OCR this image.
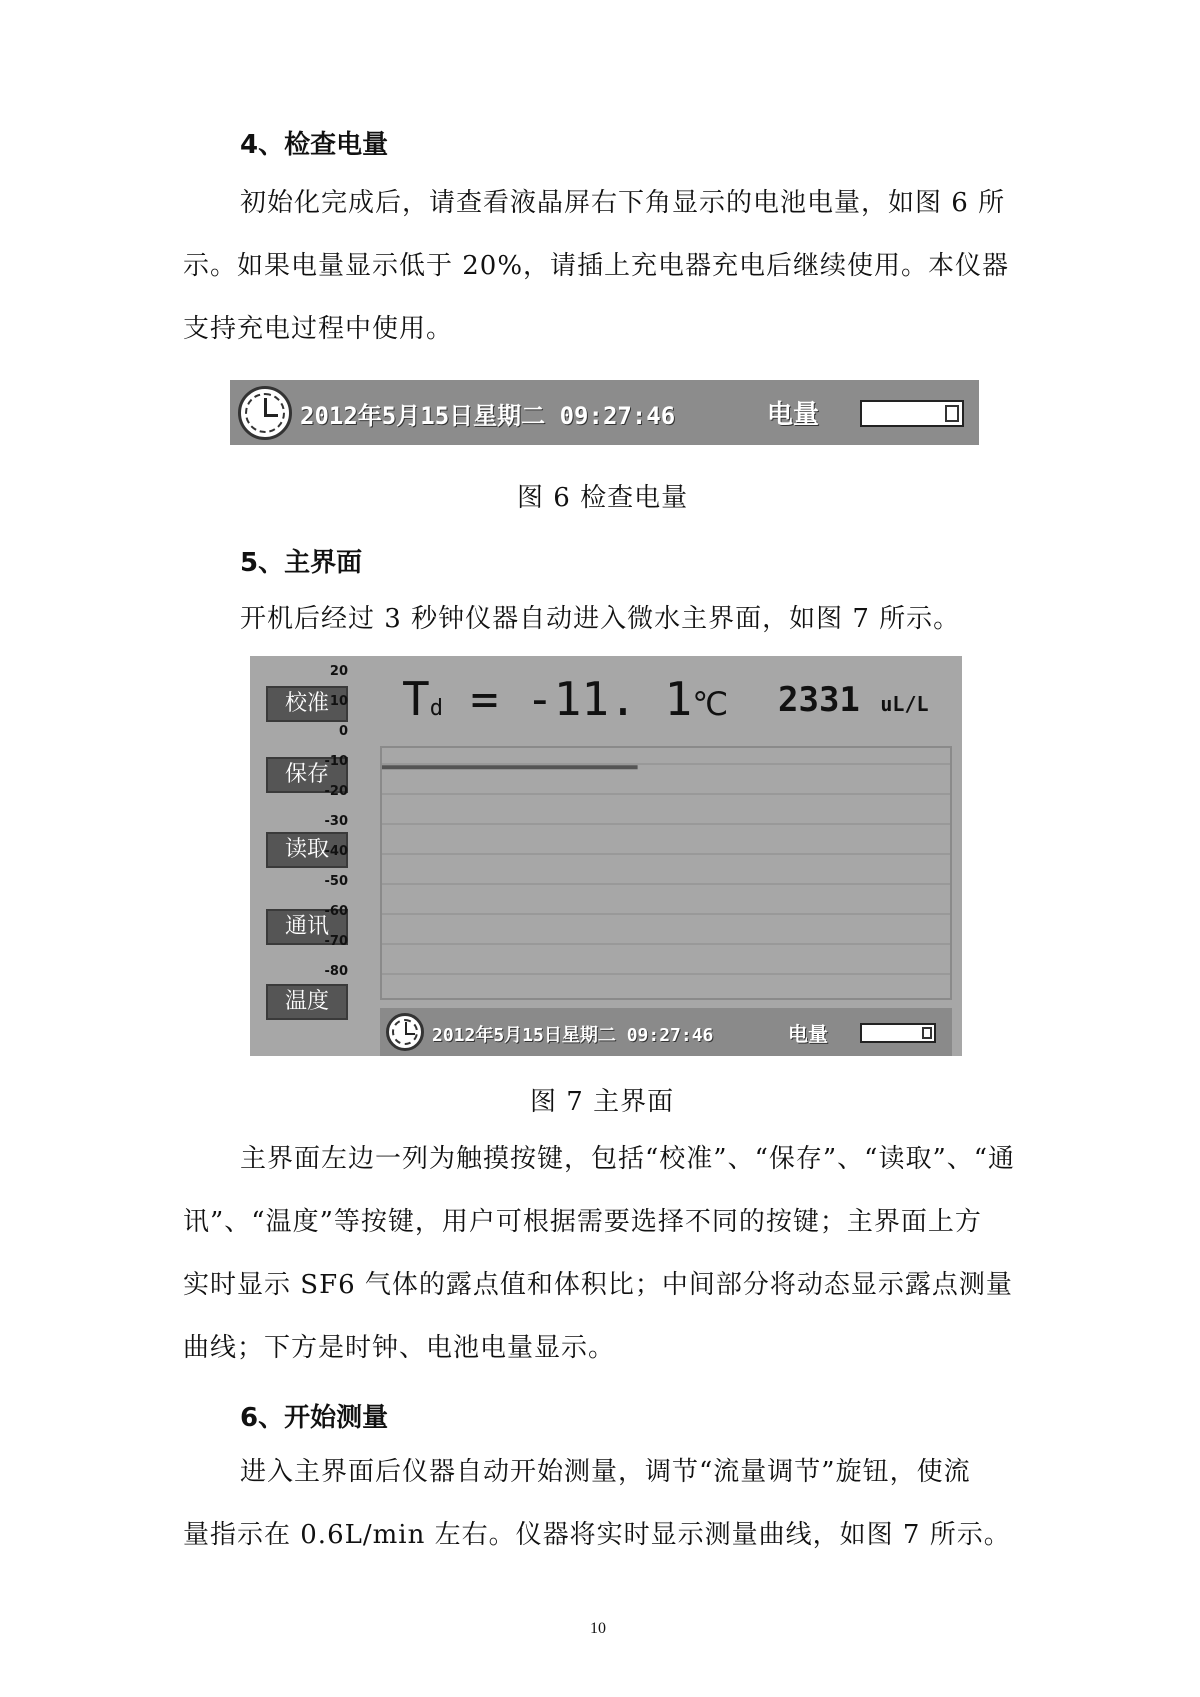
4、检查电量
初始化完成后，请查看液晶屏右下角显示的电池电量，如图 6 所
示。如果电量显示低于 20%，请插上充电器充电后继续使用。本仪器
支持充电过程中使用。
2012年5月15日星期二 09:27:46	电量
图 6 检查电量
5、主界面
开机后经过 3 秒钟仪器自动进入微水主界面，如图 7 所示。
校准
保存
读取
通讯
温度
20
10
0
-10
-20
-30
-40
-50
-60
-70
-80
Td = -11. 1℃ 2331 uL/L
2012年5月15日星期二 09:27:46	电量
图 7 主界面
主界面左边一列为触摸按键，包括“校准”、“保存”、“读取”、“通
讯”、“温度”等按键，用户可根据需要选择不同的按键；主界面上方
实时显示 SF6 气体的露点值和体积比；中间部分将动态显示露点测量
曲线；下方是时钟、电池电量显示。
6、开始测量
进入主界面后仪器自动开始测量，调节“流量调节”旋钮，使流
量指示在 0.6L/min 左右。仪器将实时显示测量曲线，如图 7 所示。
10
